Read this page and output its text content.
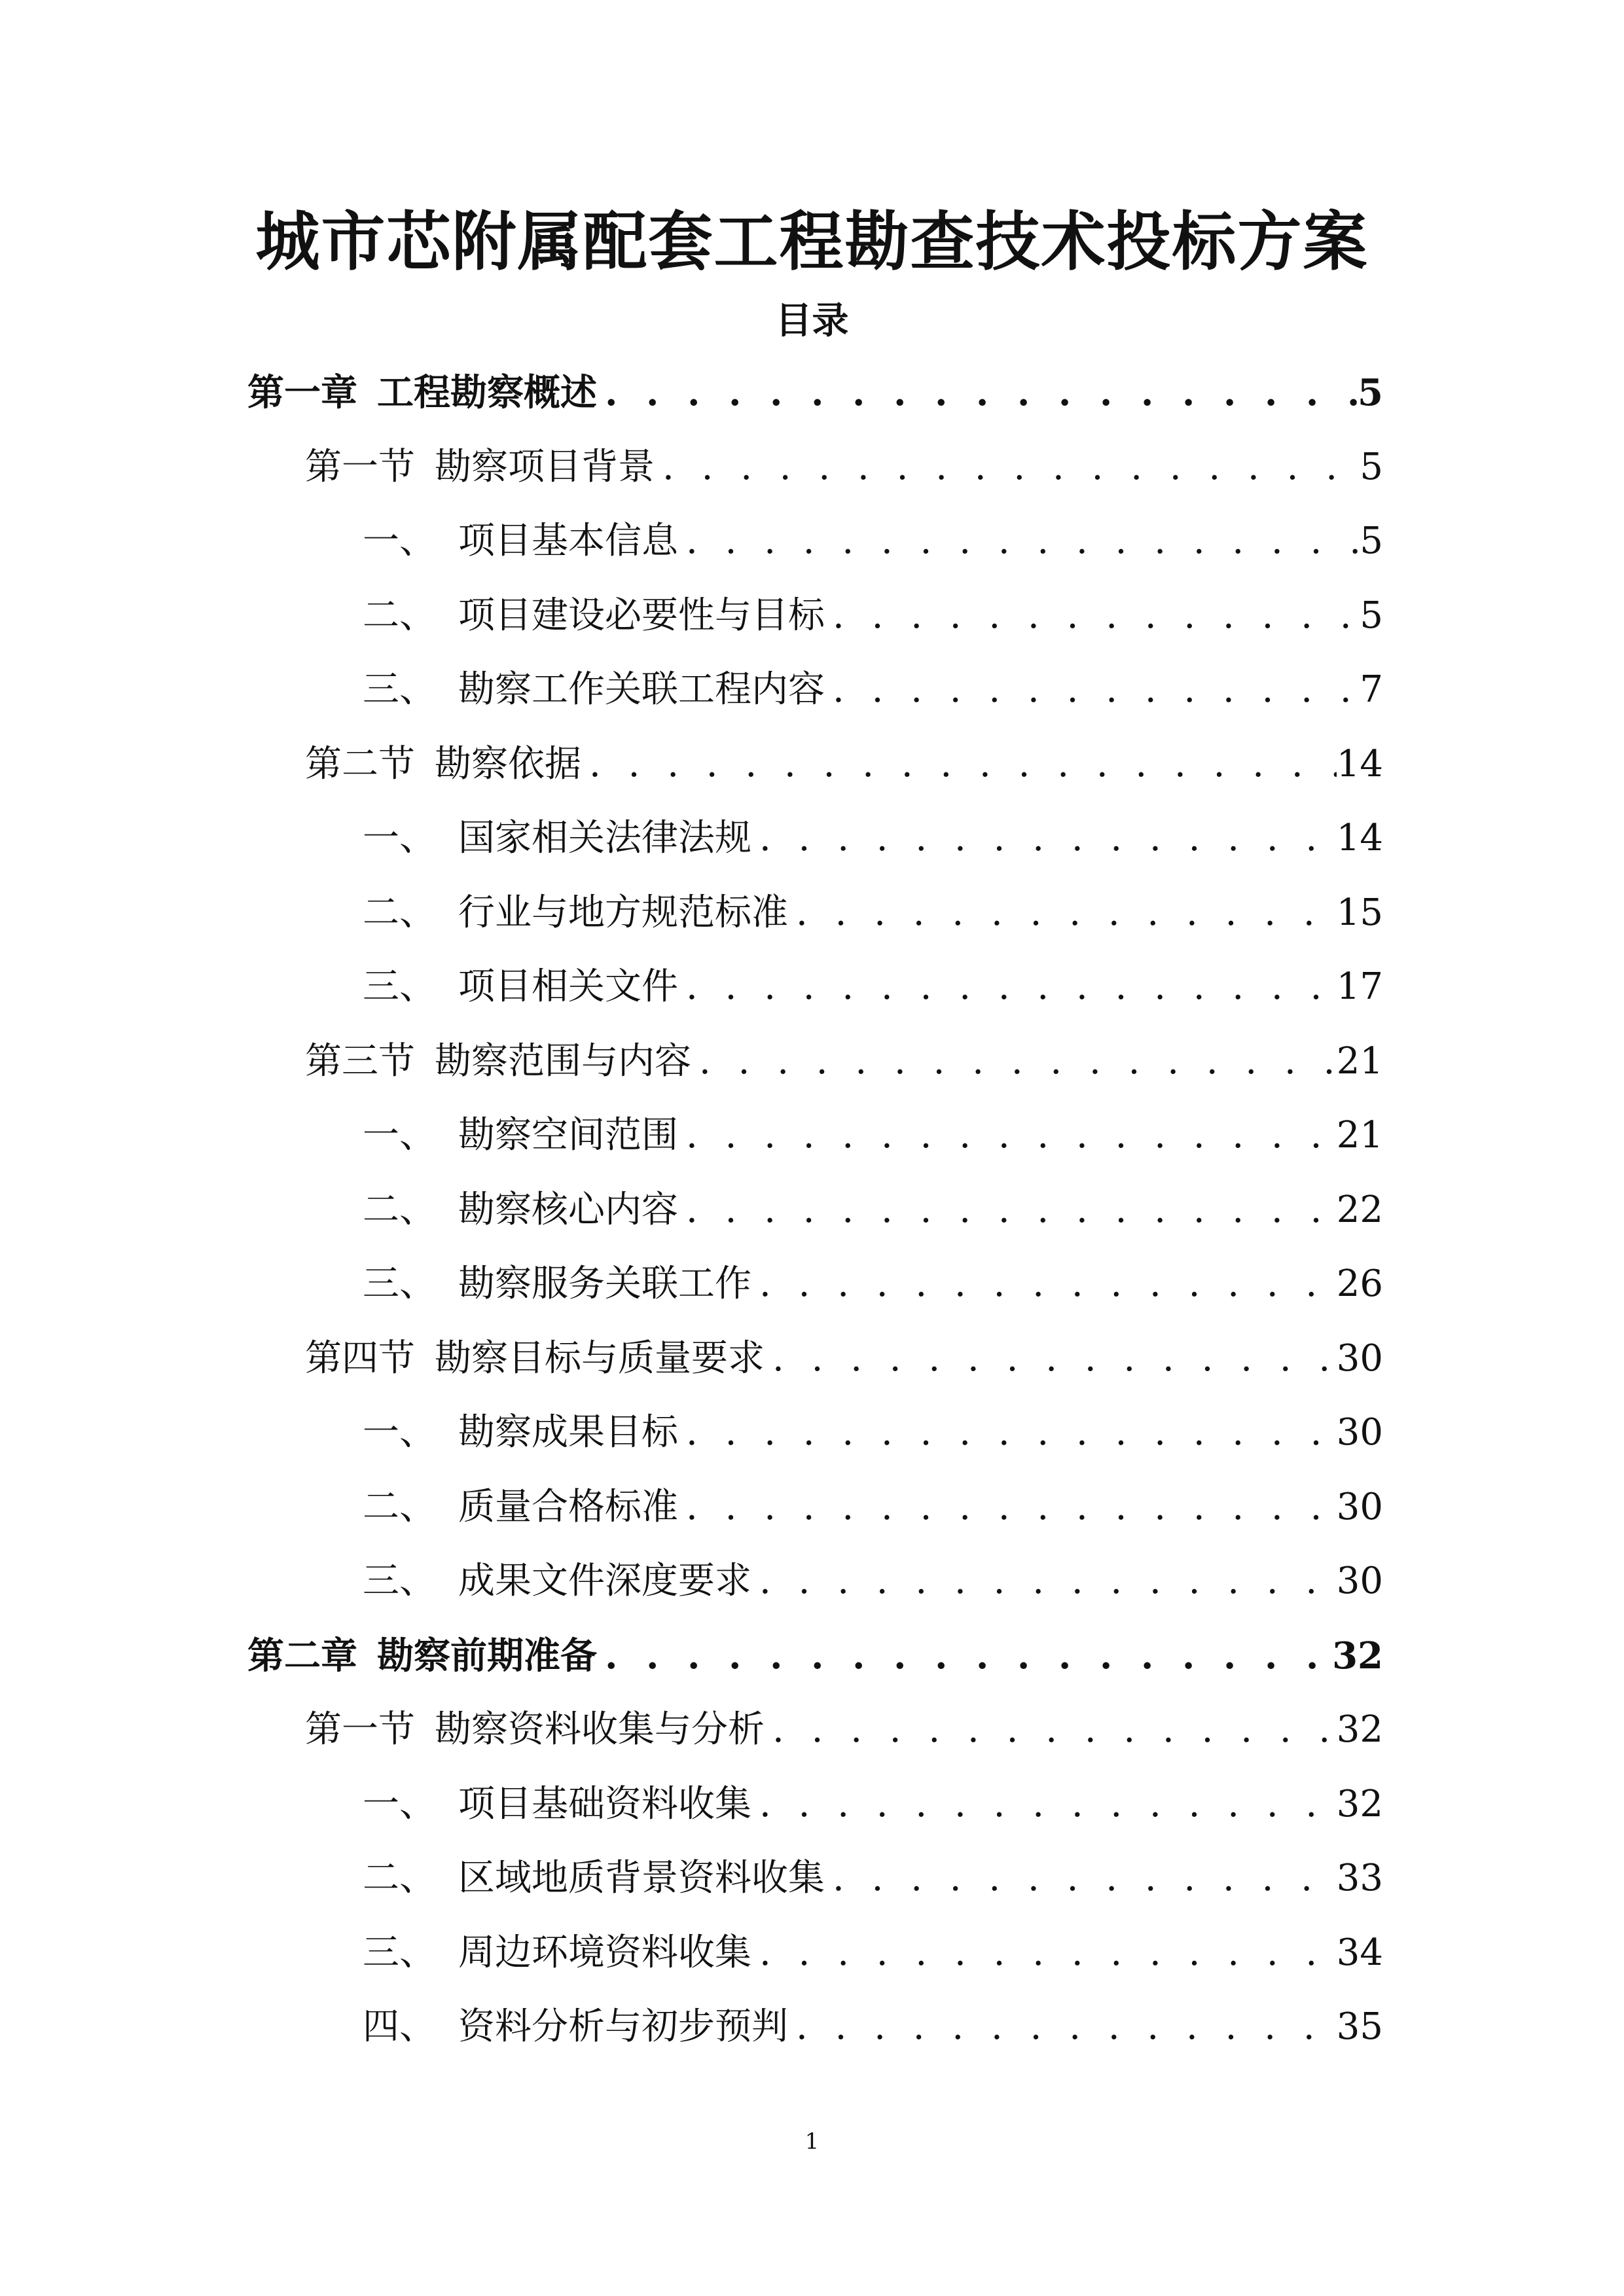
城市芯附属配套工程勘查技术投标方案
目录
第一章 工程勘察概述 . . .	5
第一节 勘察项目背景 . . .	5
一、 项目基本信息 . . .	5
二、 项目建设必要性与目标 . . .	5
三、 勘察工作关联工程内容 . . .	7
第二节 勘察依据 . . .	14
一、 国家相关法律法规 . . .	14
二、 行业与地方规范标准 . . .	15
三、 项目相关文件 . . .	17
第三节 勘察范围与内容 . . .	21
一、 勘察空间范围 . . .	21
二、 勘察核心内容 . . .	22
三、 勘察服务关联工作 . . .	26
第四节 勘察目标与质量要求 . . .	30
一、 勘察成果目标 . . .	30
二、 质量合格标准 . . .	30
三、 成果文件深度要求 . . .	30
第二章 勘察前期准备 . . .	32
第一节 勘察资料收集与分析 . . .	32
一、 项目基础资料收集 . . .	32
二、 区域地质背景资料收集 . . .	33
三、 周边环境资料收集 . . .	34
四、 资料分析与初步预判 . . .	35
1
